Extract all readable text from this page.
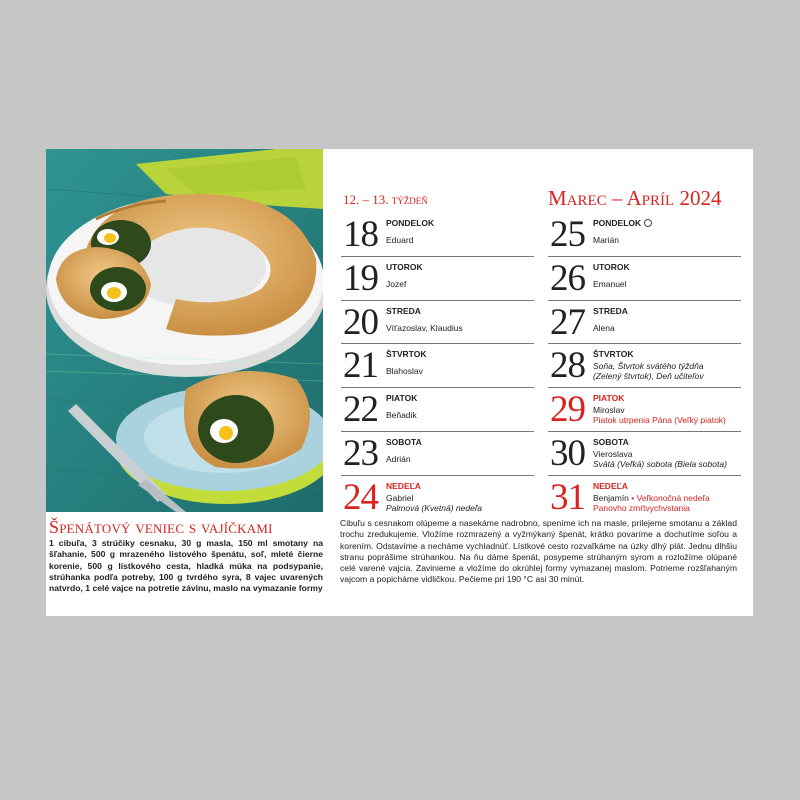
Špenátový veniec s vajíčkami
1 cibuľa, 3 strúčiky cesnaku, 30 g masla, 150 ml smotany na šľahanie, 500 g mrazeného listového špenátu, soľ, mleté čierne korenie, 500 g lístkového cesta, hladká múka na podsypanie, strúhanka podľa potreby, 100 g tvrdého syra, 8 vajec uvarených natvrdo, 1 celé vajce na potretie závinu, maslo na vymazanie formy
Cibuľu s cesnakom olúpeme a nasekáme nadrobno, speníme ich na masle, prilejeme smotanu a základ trochu zredukujeme. Vložíme rozmrazený a vyžmýkaný špenát, krátko povaríme a dochutíme soľou a korením. Odstavíme a necháme vychladnúť. Lístkové cesto rozvaľkáme na úzky dlhý plát. Jednu dlhšiu stranu poprášime strúhankou. Na ňu dáme špenát, posypeme strúhaným syrom a rozložíme olúpané celé varené vajcia. Zavinieme a vložíme do okrúhlej formy vymazanej maslom. Potrieme rozšľahaným vajcom a popicháme vidličkou. Pečieme pri 190 °C asi 30 minút.
12. – 13. týždeň	Marec – Apríl 2024
18 PONDELOK
Eduard
19 UTOROK
Jozef
20 STREDA
Víťazoslav, Klaudius
21 ŠTVRTOK
Blahoslav
22 PIATOK
Beňadik
23 SOBOTA
Adrián
24 NEDEĽA
Gabriel
Palmová (Kvetná) nedeľa
25 PONDELOK
Marián
26 UTOROK
Emanuel
27 STREDA
Alena
28 ŠTVRTOK
Soňa, Štvrtok svätého týždňa
(Zelený štvrtok), Deň učiteľov
29 PIATOK
Miroslav
Piatok utrpenia Pána (Veľký piatok)
30 SOBOTA
Vieroslava
Svätá (Veľká) sobota (Biela sobota)
31 NEDEĽA
Benjamín • Veľkonočná nedeľa
Panovho zmŕtvychvstania
